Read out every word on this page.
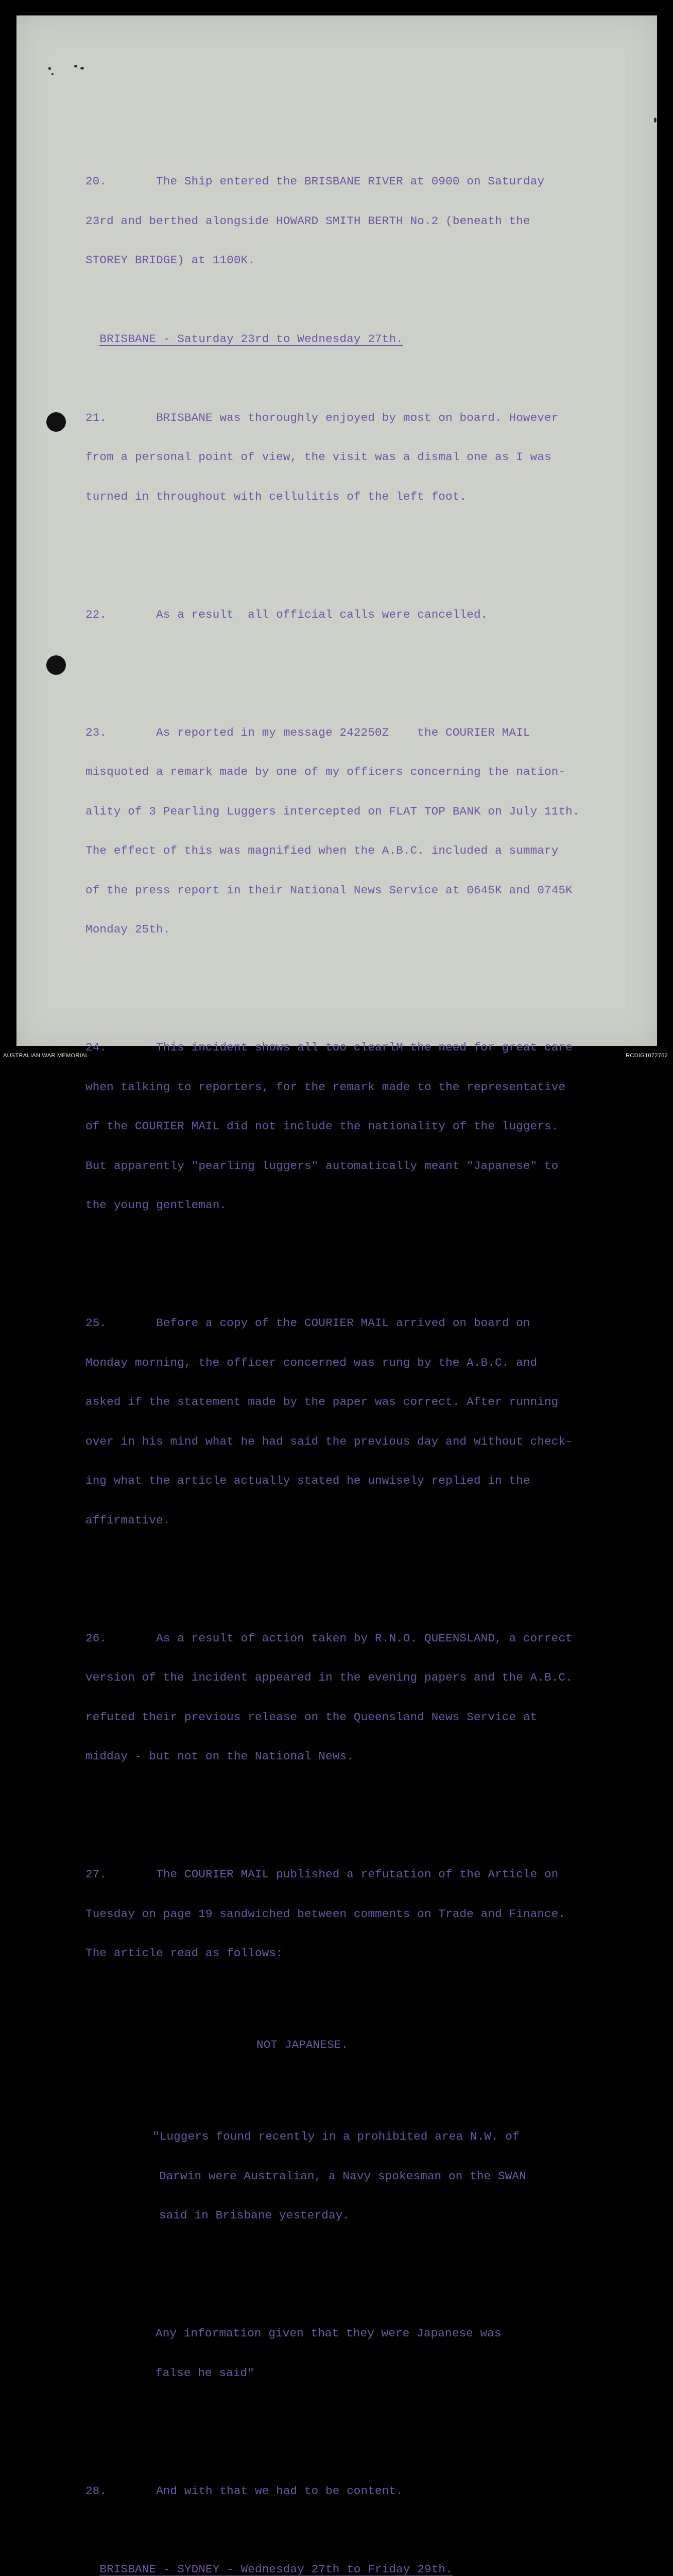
20.       The Ship entered the BRISBANE RIVER at 0900 on Saturday

23rd and berthed alongside HOWARD SMITH BERTH No.2 (beneath the

STOREY BRIDGE) at 1100K.

BRISBANE - Saturday 23rd to Wednesday 27th.

21.       BRISBANE was thoroughly enjoyed by most on board. However

from a personal point of view, the visit was a dismal one as I was

turned in throughout with cellulitis of the left foot.

22.       As a result  all official calls were cancelled.

23.       As reported in my message 242250Z    the COURIER MAIL

misquoted a remark made by one of my officers concerning the nation-

ality of 3 Pearling Luggers intercepted on FLAT TOP BANK on July 11th.

The effect of this was magnified when the A.B.C. included a summary

of the press report in their National News Service at 0645K and 0745K

Monday 25th.

24.       This incident shows all too clearlM the need for great care

when talking to reporters, for the remark made to the representative

of the COURIER MAIL did not include the nationality of the luggers.

But apparently "pearling luggers" automatically meant "Japanese" to

the young gentleman.

25.       Before a copy of the COURIER MAIL arrived on board on

Monday morning, the officer concerned was rung by the A.B.C. and

asked if the statement made by the paper was correct. After running

over in his mind what he had said the previous day and without check-

ing what the article actually stated he unwisely replied in the

affirmative.

26.       As a result of action taken by R.N.O. QUEENSLAND, a correct

version of the incident appeared in the evening papers and the A.B.C.

refuted their previous release on the Queensland News Service at

midday - but not on the National News.

27.       The COURIER MAIL published a refutation of the Article on

Tuesday on page 19 sandwiched between comments on Trade and Finance.

The article read as follows:

NOT JAPANESE.

"Luggers found recently in a prohibited area N.W. of

Darwin were Australian, a Navy spokesman on the SWAN

said in Brisbane yesterday.

Any information given that they were Japanese was

false he said"

28.       And with that we had to be content.

BRISBANE - SYDNEY - Wednesday 27th to Friday 29th.

AUSTRALIAN WAR MEMORIAL	RCDIG1072762
